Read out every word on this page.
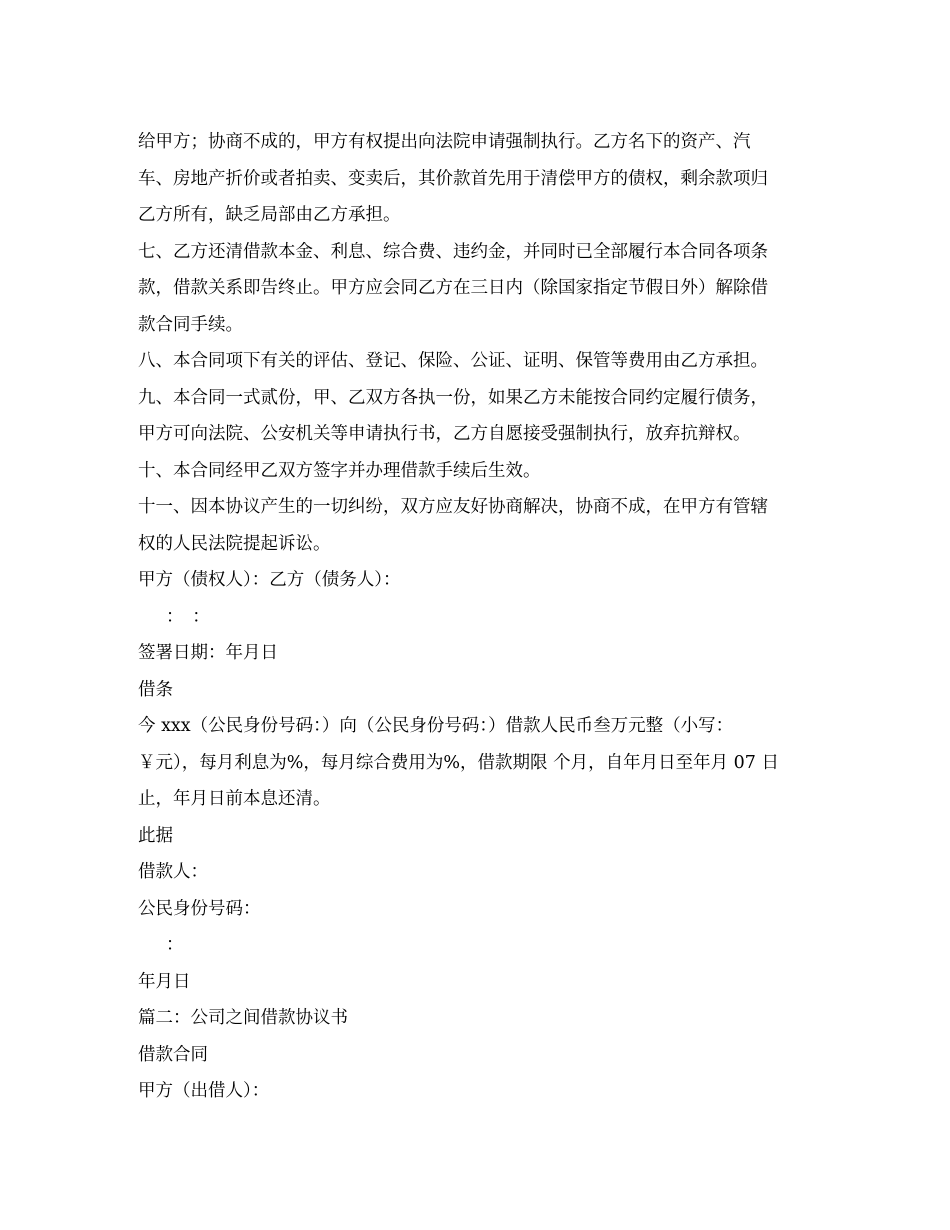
给甲方；协商不成的，甲方有权提出向法院申请强制执行。乙方名下的资产、汽

车、房地产折价或者拍卖、变卖后，其价款首先用于清偿甲方的债权，剩余款项归

乙方所有，缺乏局部由乙方承担。

七、乙方还清借款本金、利息、综合费、违约金，并同时已全部履行本合同各项条

款，借款关系即告终止。甲方应会同乙方在三日内（除国家指定节假日外）解除借

款合同手续。

八、本合同项下有关的评估、登记、保险、公证、证明、保管等费用由乙方承担。

九、本合同一式贰份，甲、乙双方各执一份，如果乙方未能按合同约定履行债务，

甲方可向法院、公安机关等申请执行书，乙方自愿接受强制执行，放弃抗辩权。

十、本合同经甲乙双方签字并办理借款手续后生效。

十一、因本协议产生的一切纠纷，双方应友好协商解决，协商不成，在甲方有管辖

权的人民法院提起诉讼。

甲方（债权人）：乙方（债务人）：

：　：

签署日期：年月日

借条

今 xxx（公民身份号码：）向（公民身份号码：）借款人民币叁万元整（小写：

￥元），每月利息为%，每月综合费用为%，借款期限 个月，自年月日至年月 07 日

止，年月日前本息还清。

此据

借款人：

公民身份号码：

：

年月日

篇二：公司之间借款协议书

借款合同

甲方（出借人）：
